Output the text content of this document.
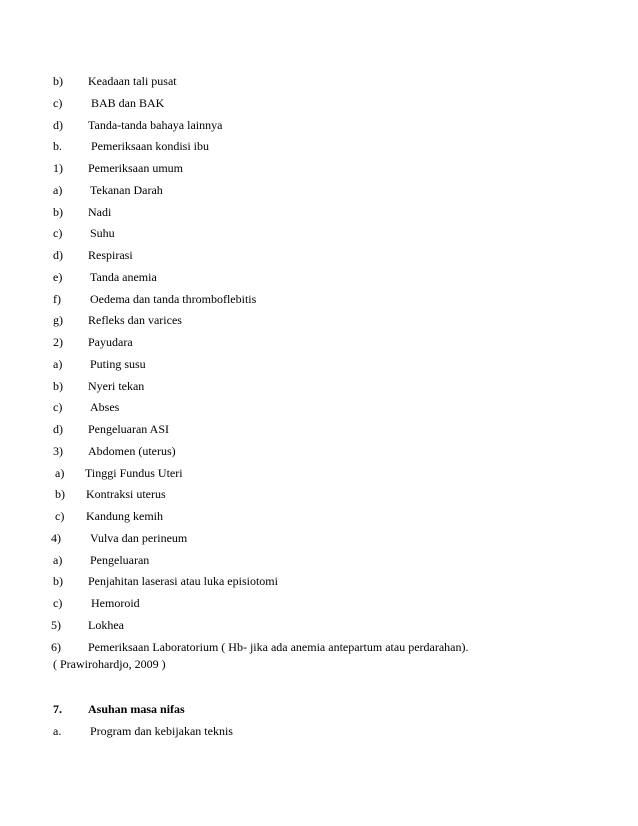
b) Keadaan tali pusat
c) BAB dan BAK
d) Tanda-tanda bahaya lainnya
b. Pemeriksaan kondisi ibu
1) Pemeriksaan umum
a) Tekanan Darah
b) Nadi
c) Suhu
d) Respirasi
e) Tanda anemia
f) Oedema dan tanda thromboflebitis
g) Refleks dan varices
2) Payudara
a) Puting susu
b) Nyeri tekan
c) Abses
d) Pengeluaran ASI
3) Abdomen (uterus)
a) Tinggi Fundus Uteri
b) Kontraksi uterus
c) Kandung kemih
4) Vulva dan perineum
a) Pengeluaran
b) Penjahitan laserasi atau luka episiotomi
c) Hemoroid
5) Lokhea
6) Pemeriksaan Laboratorium ( Hb- jika ada anemia antepartum atau perdarahan).
( Prawirohardjo, 2009 )
7. Asuhan masa nifas
a. Program dan kebijakan teknis
